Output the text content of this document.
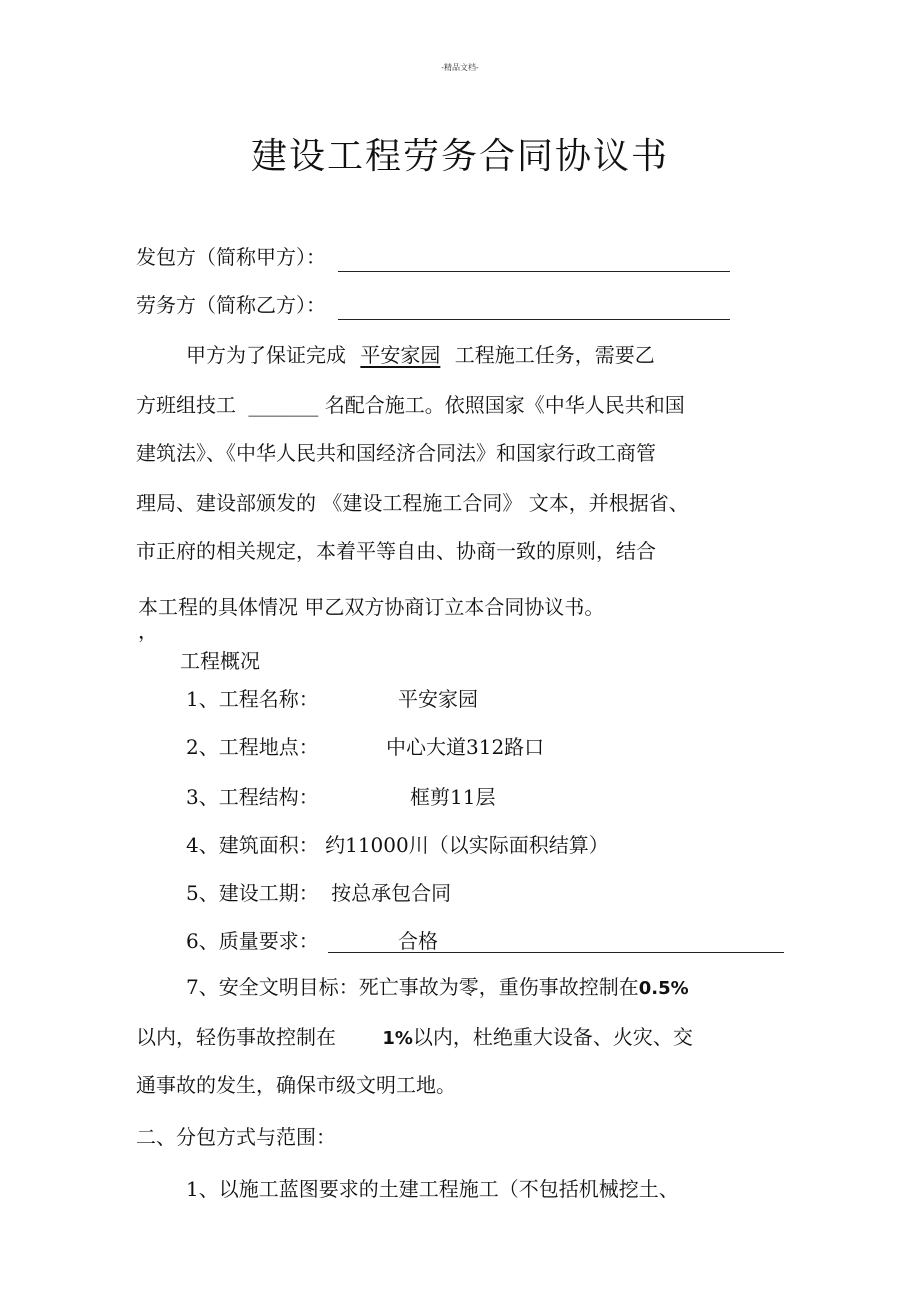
-精品文档-
建设工程劳务合同协议书
发包方（简称甲方）：
劳务方（简称乙方）：
甲方为了保证完成 平安家园 工程施工任务，需要乙
方班组技工 _______ 名配合施工。依照国家《中华人民共和国
建筑法》、《中华人民共和国经济合同法》和国家行政工商管
理局、建设部颁发的 《建设工程施工合同》 文本，并根据省、
市正府的相关规定，本着平等自由、协商一致的原则，结合
本工程的具体情况 甲乙双方协商订立本合同协议书。
，
工程概况
1、工程名称：	平安家园
2、工程地点：	中心大道312路口
3、工程结构：	框剪11层
4、建筑面积： 约11000川（以实际面积结算）
5、建设工期： 按总承包合同
6、质量要求：	合格
7、安全文明目标：死亡事故为零，重伤事故控制在0.5%
以内，轻伤事故控制在	1%以内，杜绝重大设备、火灾、交
通事故的发生，确保市级文明工地。
二、分包方式与范围：
1、以施工蓝图要求的土建工程施工（不包括机械挖土、
